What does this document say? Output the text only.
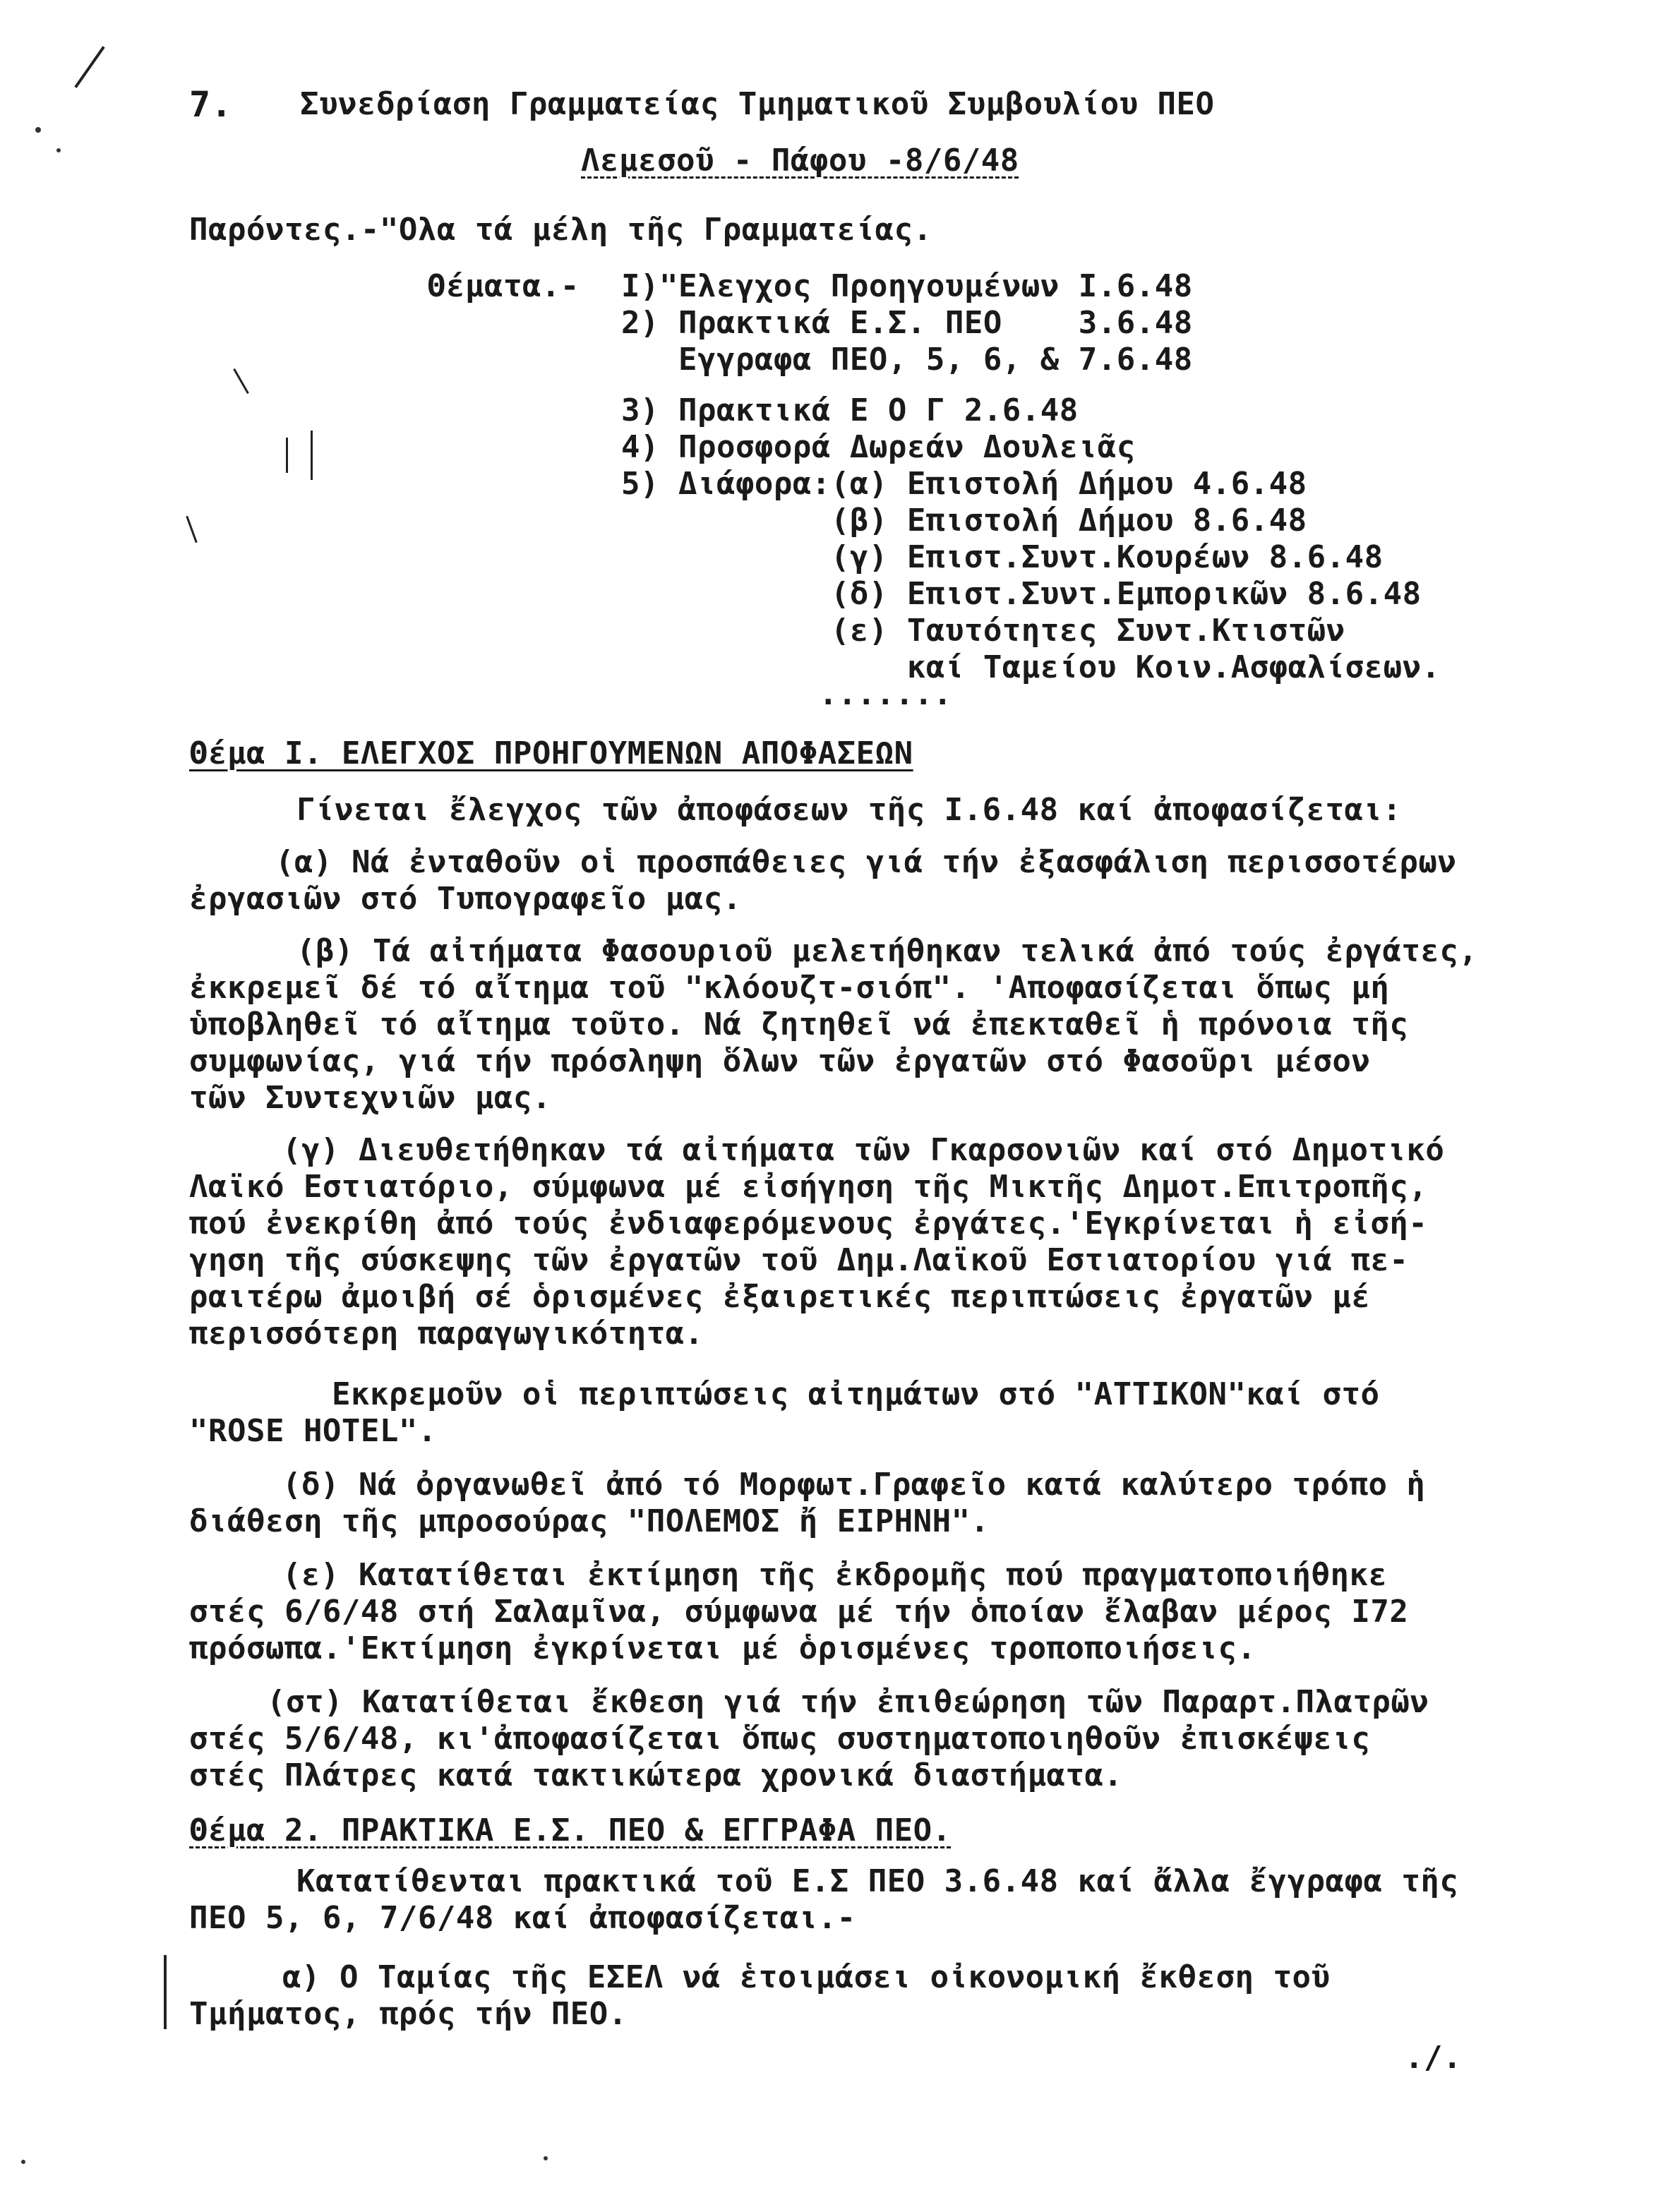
7. Συνεδρίαση Γραμματείας Τμηματικοῦ Συμβουλίου ΠΕΟ
Λεμεσοῦ - Πάφου -8/6/48
Παρόντες.-"Ολα τά μέλη τῆς Γραμματείας.
Θέματα.- I)"Ελεγχος Προηγουμένων I.6.48
2) Πρακτικά Ε.Σ. ΠΕΟ    3.6.48
Εγγραφα ΠΕΟ, 5, 6, & 7.6.48
3) Πρακτικά Ε Ο Γ 2.6.48
4) Προσφορά Δωρεάν Δουλειᾶς
5) Διάφορα:(α) Επιστολή Δήμου 4.6.48
(β) Επιστολή Δήμου 8.6.48
(γ) Επιστ.Συντ.Κουρέων 8.6.48
(δ) Επιστ.Συντ.Εμπορικῶν 8.6.48
(ε) Ταυτότητες Συντ.Κτιστῶν
καί Ταμείου Κοιν.Ασφαλίσεων.
.......
Θέμα I. ΕΛΕΓΧΟΣ ΠΡΟΗΓΟΥΜΕΝΩΝ ΑΠΟΦΑΣΕΩΝ
Γίνεται ἔλεγχος τῶν ἀποφάσεων τῆς I.6.48 καί ἀποφασίζεται:
(α) Νά ἐνταθοῦν οἱ προσπάθειες γιά τήν ἐξασφάλιση περισσοτέρων
ἐργασιῶν στό Τυπογραφεῖο μας.
(β) Τά αἰτήματα Φασουριοῦ μελετήθηκαν τελικά ἀπό τούς ἐργάτες,
ἐκκρεμεῖ δέ τό αἴτημα τοῦ "κλόουζτ-σιόπ". 'Αποφασίζεται ὅπως μή
ὑποβληθεῖ τό αἴτημα τοῦτο. Νά ζητηθεῖ νά ἐπεκταθεῖ ἡ πρόνοια τῆς
συμφωνίας, γιά τήν πρόσληψη ὅλων τῶν ἐργατῶν στό Φασοῦρι μέσον
τῶν Συντεχνιῶν μας.
(γ) Διευθετήθηκαν τά αἰτήματα τῶν Γκαρσονιῶν καί στό Δημοτικό
Λαϊκό Εστιατόριο, σύμφωνα μέ εἰσήγηση τῆς Μικτῆς Δημοτ.Επιτροπῆς,
πού ἐνεκρίθη ἀπό τούς ἐνδιαφερόμενους ἐργάτες.'Εγκρίνεται ἡ εἰσή-
γηση τῆς σύσκεψης τῶν ἐργατῶν τοῦ Δημ.Λαϊκοῦ Εστιατορίου γιά πε-
ραιτέρω ἀμοιβή σέ ὁρισμένες ἐξαιρετικές περιπτώσεις ἐργατῶν μέ
περισσότερη παραγωγικότητα.
Εκκρεμοῦν οἱ περιπτώσεις αἰτημάτων στό "ΑΤΤΙΚΟΝ"καί στό
"ROSE HOTEL".
(δ) Νά ὀργανωθεῖ ἀπό τό Μορφωτ.Γραφεῖο κατά καλύτερο τρόπο ἡ
διάθεση τῆς μπροσούρας "ΠΟΛΕΜΟΣ ἤ ΕΙΡΗΝΗ".
(ε) Κατατίθεται ἐκτίμηση τῆς ἐκδρομῆς πού πραγματοποιήθηκε
στές 6/6/48 στή Σαλαμῖνα, σύμφωνα μέ τήν ὁποίαν ἔλαβαν μέρος I72
πρόσωπα.'Εκτίμηση ἐγκρίνεται μέ ὁρισμένες τροποποιήσεις.
(στ) Κατατίθεται ἔκθεση γιά τήν ἐπιθεώρηση τῶν Παραρτ.Πλατρῶν
στές 5/6/48, κι'ἀποφασίζεται ὅπως συστηματοποιηθοῦν ἐπισκέψεις
στές Πλάτρες κατά τακτικώτερα χρονικά διαστήματα.
Θέμα 2. ΠΡΑΚΤΙΚΑ Ε.Σ. ΠΕΟ & ΕΓΓΡΑΦΑ ΠΕΟ.
Κατατίθενται πρακτικά τοῦ Ε.Σ ΠΕΟ 3.6.48 καί ἄλλα ἔγγραφα τῆς
ΠΕΟ 5, 6, 7/6/48 καί ἀποφασίζεται.-
α) Ο Ταμίας τῆς ΕΣΕΛ νά ἑτοιμάσει οἰκονομική ἔκθεση τοῦ
Τμήματος, πρός τήν ΠΕΟ.
./.
